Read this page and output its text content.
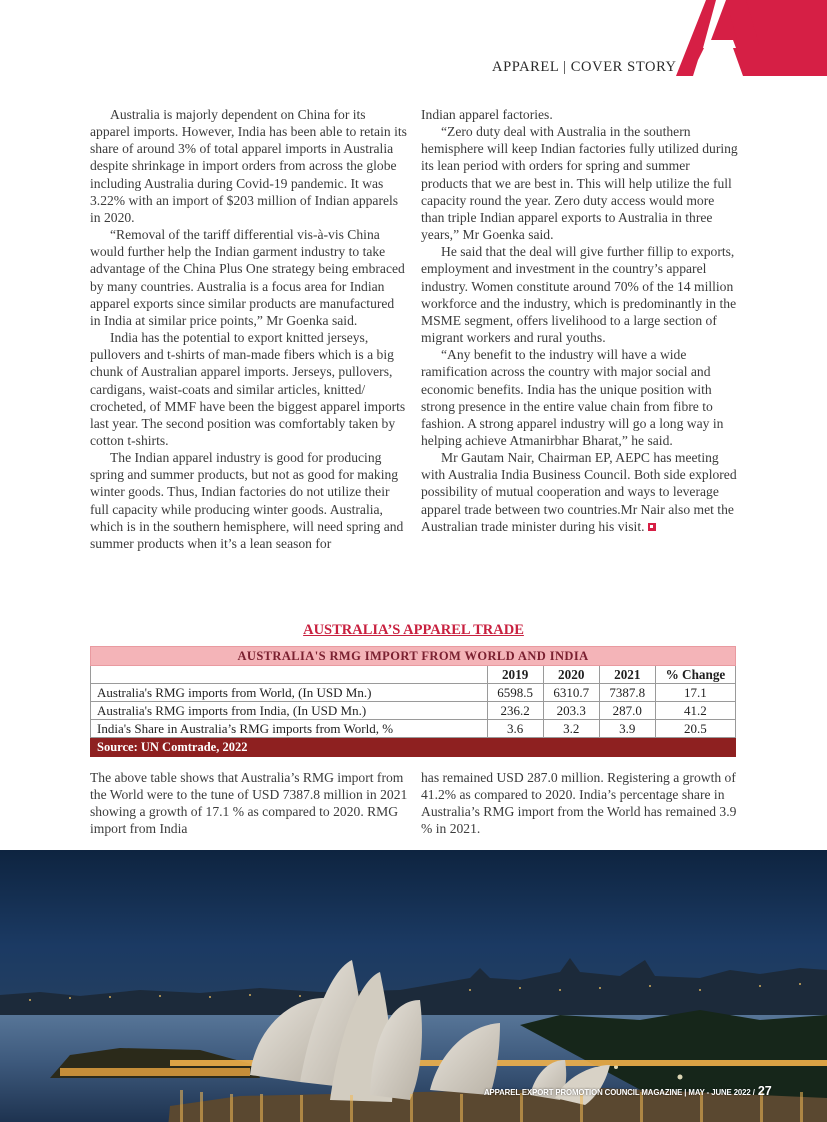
APPAREL | COVER STORY

Australia is majorly dependent on China for its apparel imports. However, India has been able to retain its share of around 3% of total apparel imports in Australia despite shrinkage in import orders from across the globe including Australia during Covid-19 pandemic. It was 3.22% with an import of $203 million of Indian apparels in 2020.

“Removal of the tariff differential vis-à-vis China would further help the Indian garment industry to take advantage of the China Plus One strategy being embraced by many countries. Australia is a focus area for Indian apparel exports since similar products are manufactured in India at similar price points,” Mr Goenka said.

India has the potential to export knitted jerseys, pullovers and t-shirts of man-made fibers which is a big chunk of Australian apparel imports. Jerseys, pullovers, cardigans, waist-coats and similar articles, knitted/ crocheted, of MMF have been the biggest apparel imports last year. The second position was comfortably taken by cotton t-shirts.

The Indian apparel industry is good for producing spring and summer products, but not as good for making winter goods. Thus, Indian factories do not utilize their full capacity while producing winter goods. Australia, which is in the southern hemisphere, will need spring and summer products when it’s a lean season for

Indian apparel factories.

“Zero duty deal with Australia in the southern hemisphere will keep Indian factories fully utilized during its lean period with orders for spring and summer products that we are best in. This will help utilize the full capacity round the year. Zero duty access would more than triple Indian apparel exports to Australia in three years,” Mr Goenka said.

He said that the deal will give further fillip to exports, employment and investment in the country’s apparel industry. Women constitute around 70% of the 14 million workforce and the industry, which is predominantly in the MSME segment, offers livelihood to a large section of migrant workers and rural youths.

“Any benefit to the industry will have a wide ramification across the country with major social and economic benefits. India has the unique position with strong presence in the entire value chain from fibre to fashion. A strong apparel industry will go a long way in helping achieve Atmanirbhar Bharat,” he said.

Mr Gautam Nair, Chairman EP, AEPC has meeting with Australia India Business Council. Both side explored possibility of mutual cooperation and ways to leverage apparel trade between two countries.Mr Nair also met the Australian trade minister during his visit.

AUSTRALIA’S APPAREL TRADE
AUSTRALIA'S RMG IMPORT FROM WORLD AND INDIA				
	2019	2020	2021	% Change
Australia's RMG imports from World, (In USD Mn.)	6598.5	6310.7	7387.8	17.1
Australia's RMG imports from India, (In USD Mn.)	236.2	203.3	287.0	41.2
India's Share in Australia’s RMG imports from World, %	3.6	3.2	3.9	20.5
Source: UN Comtrade, 2022				

The above table shows that Australia’s RMG import from the World were to the tune of USD 7387.8 million in 2021 showing a growth of 17.1 % as compared to 2020. RMG import from India

has remained USD 287.0 million. Registering a growth of 41.2% as compared to 2020. India’s percentage share in Australia’s RMG import from the World has remained 3.9 % in 2021.

APPAREL EXPORT PROMOTION COUNCIL MAGAZINE | MAY - JUNE 2022 / 27
